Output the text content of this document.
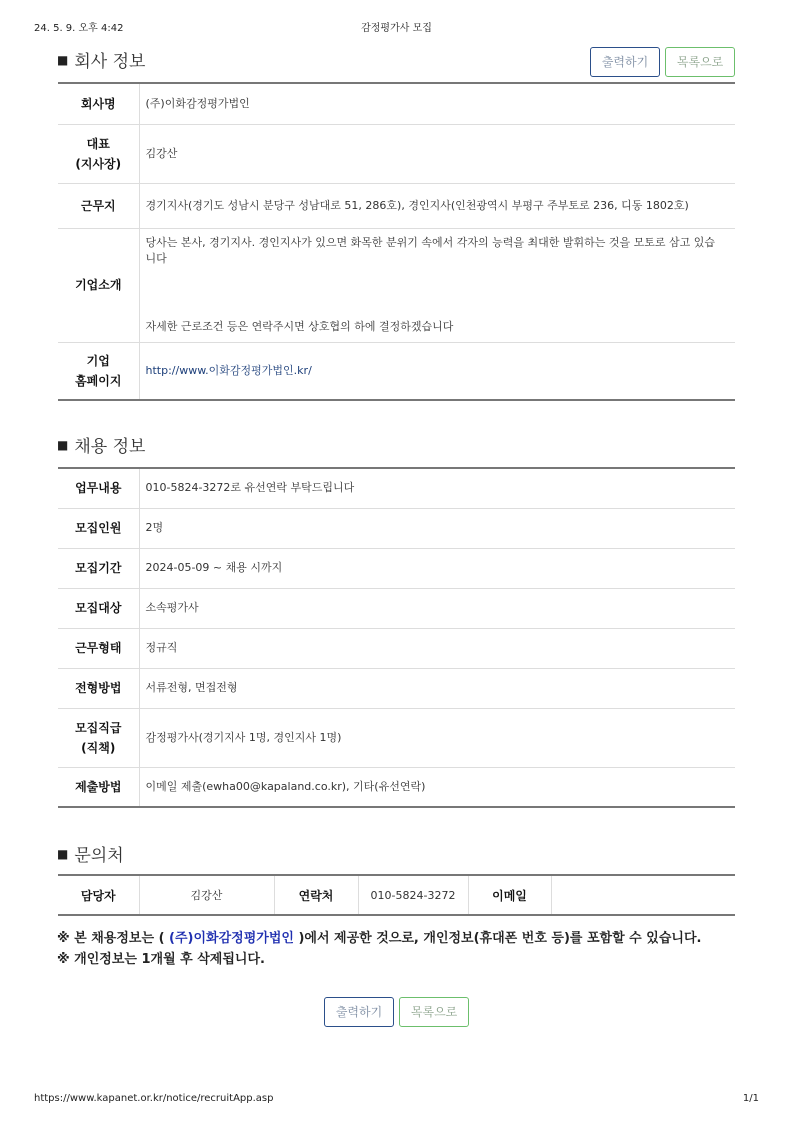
24. 5. 9. 오후 4:42	감정평가사 모집
■ 회사 정보	출력하기 목록으로
회사명	(주)이화감정평가법인
대표
(지사장)	김강산
근무지	경기지사(경기도 성남시 분당구 성남대로 51, 286호), 경인지사(인천광역시 부평구 주부토로 236, 디동 1802호)
기업소개	당사는 본사, 경기지사. 경인지사가 있으면 화목한 분위기 속에서 각자의 능력을 최대한 발휘하는 것을 모토로 삼고 있습니다
자세한 근로조건 등은 연락주시면 상호협의 하에 결정하겠습니다

기업
홈페이지	http://www.이화감정평가법인.kr/
■ 채용 정보
업무내용	010-5824-3272로 유선연락 부탁드립니다
모집인원	2명
모집기간	2024-05-09 ~ 채용 시까지
모집대상	소속평가사
근무형태	정규직
전형방법	서류전형, 면접전형
모집직급
(직책)	감정평가사(경기지사 1명, 경인지사 1명)
제출방법	이메일 제출(ewha00@kapaland.co.kr), 기타(유선연락)
■ 문의처
담당자	김강산	연락처	010-5824-3272	이메일	
※ 본 채용정보는 ( (주)이화감정평가법인 )에서 제공한 것으로, 개인정보(휴대폰 번호 등)를 포함할 수 있습니다.
※ 개인정보는 1개월 후 삭제됩니다.
출력하기 목록으로
https://www.kapanet.or.kr/notice/recruitApp.asp	1/1
